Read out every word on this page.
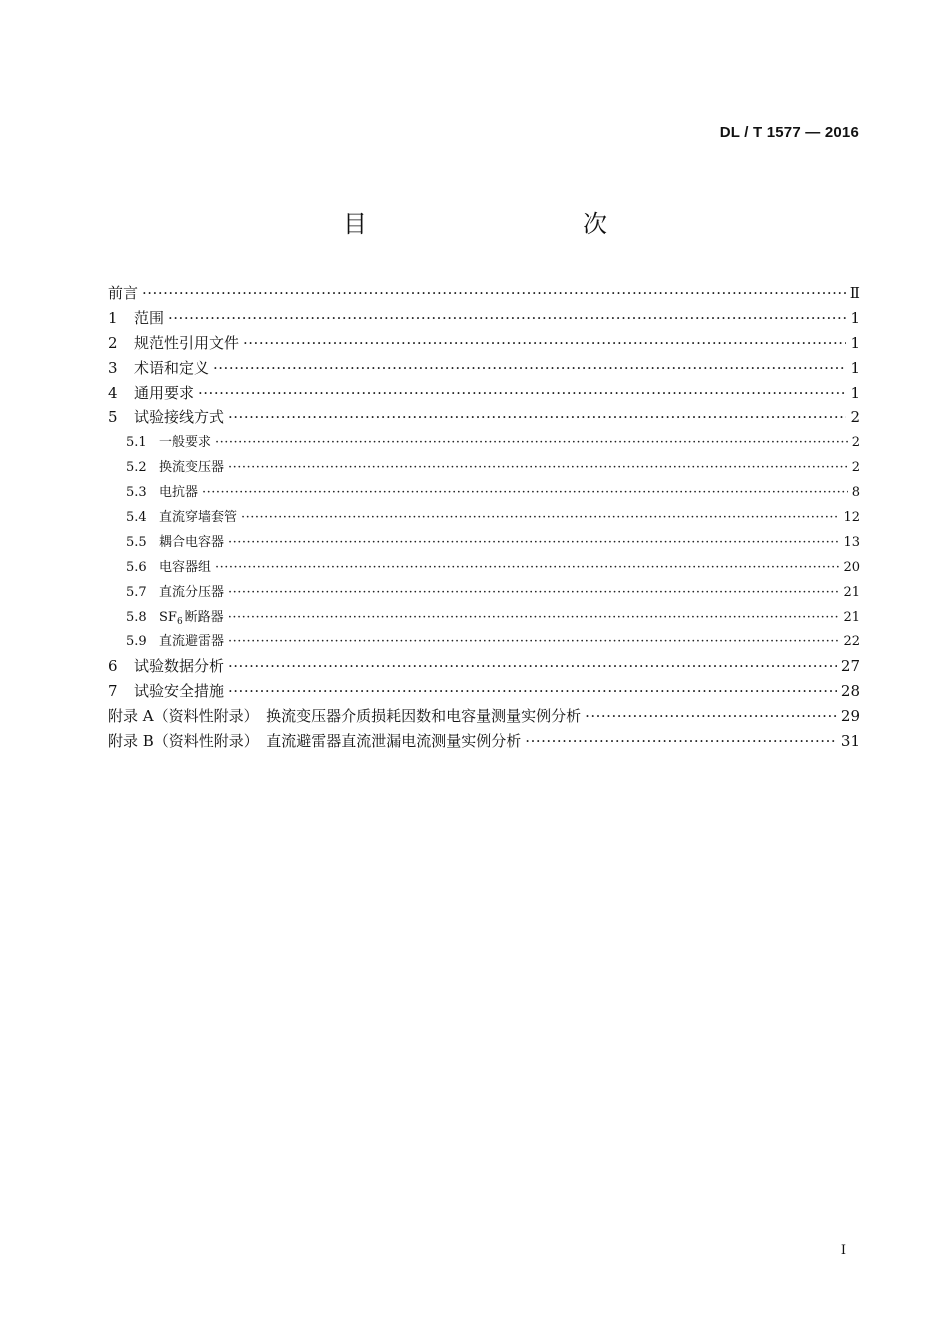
DL / T 1577 — 2016
目　　次
前言 ·····	Ⅱ
1	范围 ·····	1
2	规范性引用文件 ·····	1
3	术语和定义 ·····	1
4	通用要求 ·····	1
5	试验接线方式 ·····	2
5.1 一般要求 ·····	2
5.2 换流变压器 ·····	2
5.3 电抗器 ·····	8
5.4 直流穿墙套管 ·····	12
5.5 耦合电容器 ·····	13
5.6 电容器组 ·····	20
5.7 直流分压器 ·····	21
5.8 $SF_6$ 断路器 ·····	21
5.9 直流避雷器 ·····	22
6	试验数据分析 ·····	27
7	试验安全措施 ·····	28
附录 A（资料性附录）　换流变压器介质损耗因数和电容量测量实例分析 ·····	29
附录 B（资料性附录）　直流避雷器直流泄漏电流测量实例分析 ·····	31
I
